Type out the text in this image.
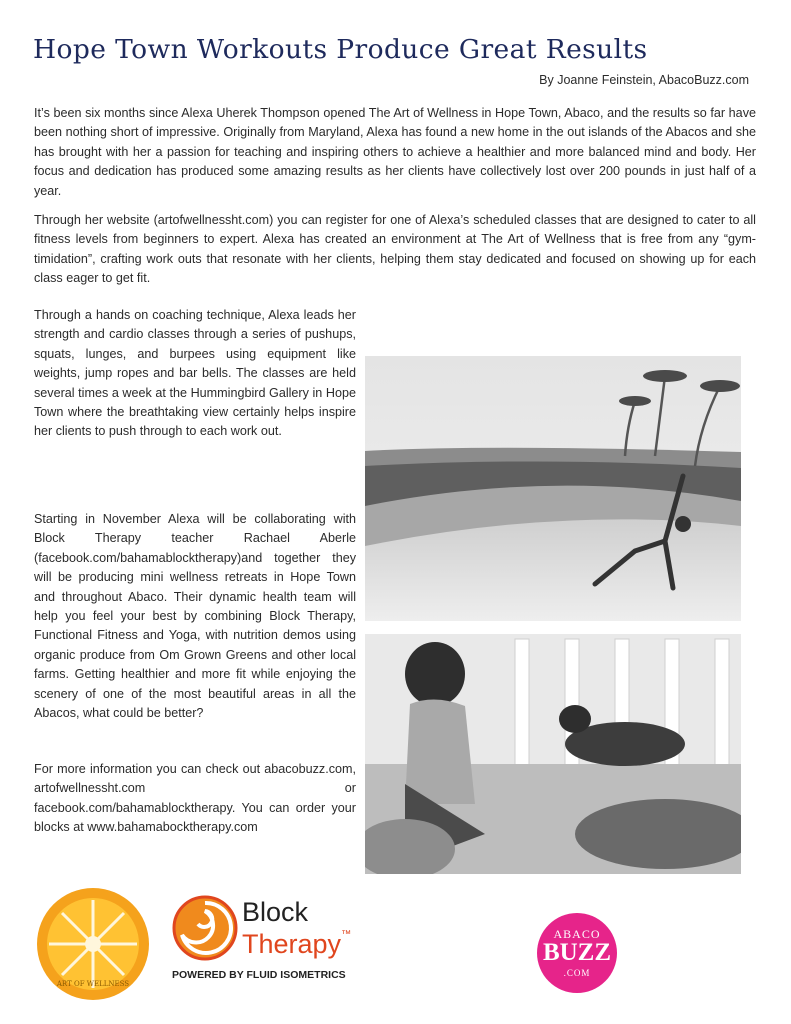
Hope Town Workouts Produce Great Results
By Joanne Feinstein, AbacoBuzz.com

It’s been six months since Alexa Uherek Thompson opened The Art of Wellness in Hope Town, Abaco, and the results so far have been nothing short of impressive. Originally from Maryland, Alexa has found a new home in the out islands of the Abacos and she has brought with her a passion for teaching and inspiring others to achieve a healthier and more balanced mind and body. Her focus and dedication has produced some amazing results as her clients have collectively lost over 200 pounds in just half of a year.

Through her website (artofwellnessht.com) you can register for one of Alexa’s scheduled classes that are designed to cater to all fitness levels from beginners to expert. Alexa has created an environment at The Art of Wellness that is free from any “gym-timidation”, crafting work outs that resonate with her clients, helping them stay dedicated and focused on showing up for each class eager to get fit.

Through a hands on coaching technique, Alexa leads her strength and cardio classes through a series of pushups, squats, lunges, and burpees using equipment like weights, jump ropes and bar bells. The classes are held several times a week at the Hummingbird Gallery in Hope Town where the breathtaking view certainly helps inspire her clients to push through to each work out.

Starting in November Alexa will be collaborating with Block Therapy teacher Rachael Aberle (facebook.com/bahamablocktherapy)and together they will be producing mini wellness retreats in Hope Town and throughout Abaco. Their dynamic health team will help you feel your best by combining Block Therapy, Functional Fitness and Yoga, with nutrition demos using organic produce from Om Grown Greens and other local farms. Getting healthier and more fit while enjoying the scenery of one of the most beautiful areas in all the Abacos, what could be better?

For more information you can check out abacobuzz.com, artofwellnessht.com or facebook.com/bahamablocktherapy. You can order your blocks at www.bahamabocktherapy.com

ART OF WELLNESS
Block
Therapy™
POWERED BY FLUID ISOMETRICS
ABACO
BUZZ
.COM
